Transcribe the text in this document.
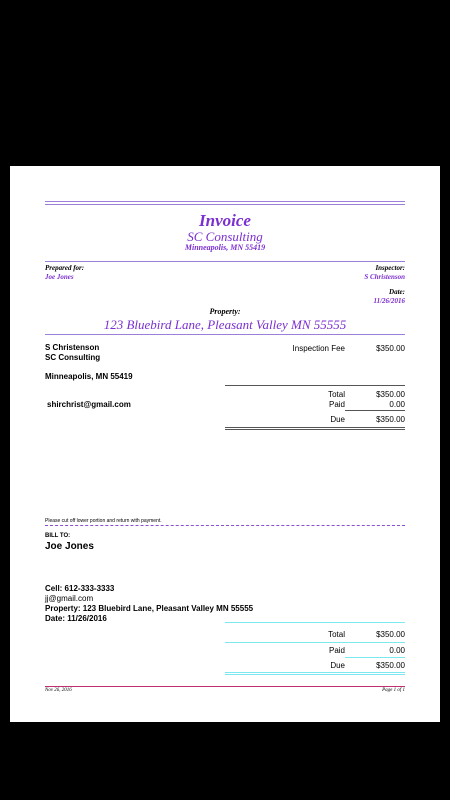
Invoice
SC Consulting
Minneapolis, MN 55419
Prepared for:
Joe Jones
Inspector:
S Christenson
Date:
11/26/2016
Property:
123 Bluebird Lane, Pleasant Valley MN 55555
S Christenson
SC Consulting
Minneapolis, MN 55419
shirchrist@gmail.com
Inspection Fee	$350.00
Total	$350.00
Paid	0.00
Due	$350.00
Please cut off lower portion and return with payment.
BILL TO:
Joe Jones
Cell: 612-333-3333
jj@gmail.com
Property: 123 Bluebird Lane, Pleasant Valley MN 55555
Date: 11/26/2016
Total	$350.00
Paid	0.00
Due	$350.00
Nov 26, 2016	Page 1 of 1
